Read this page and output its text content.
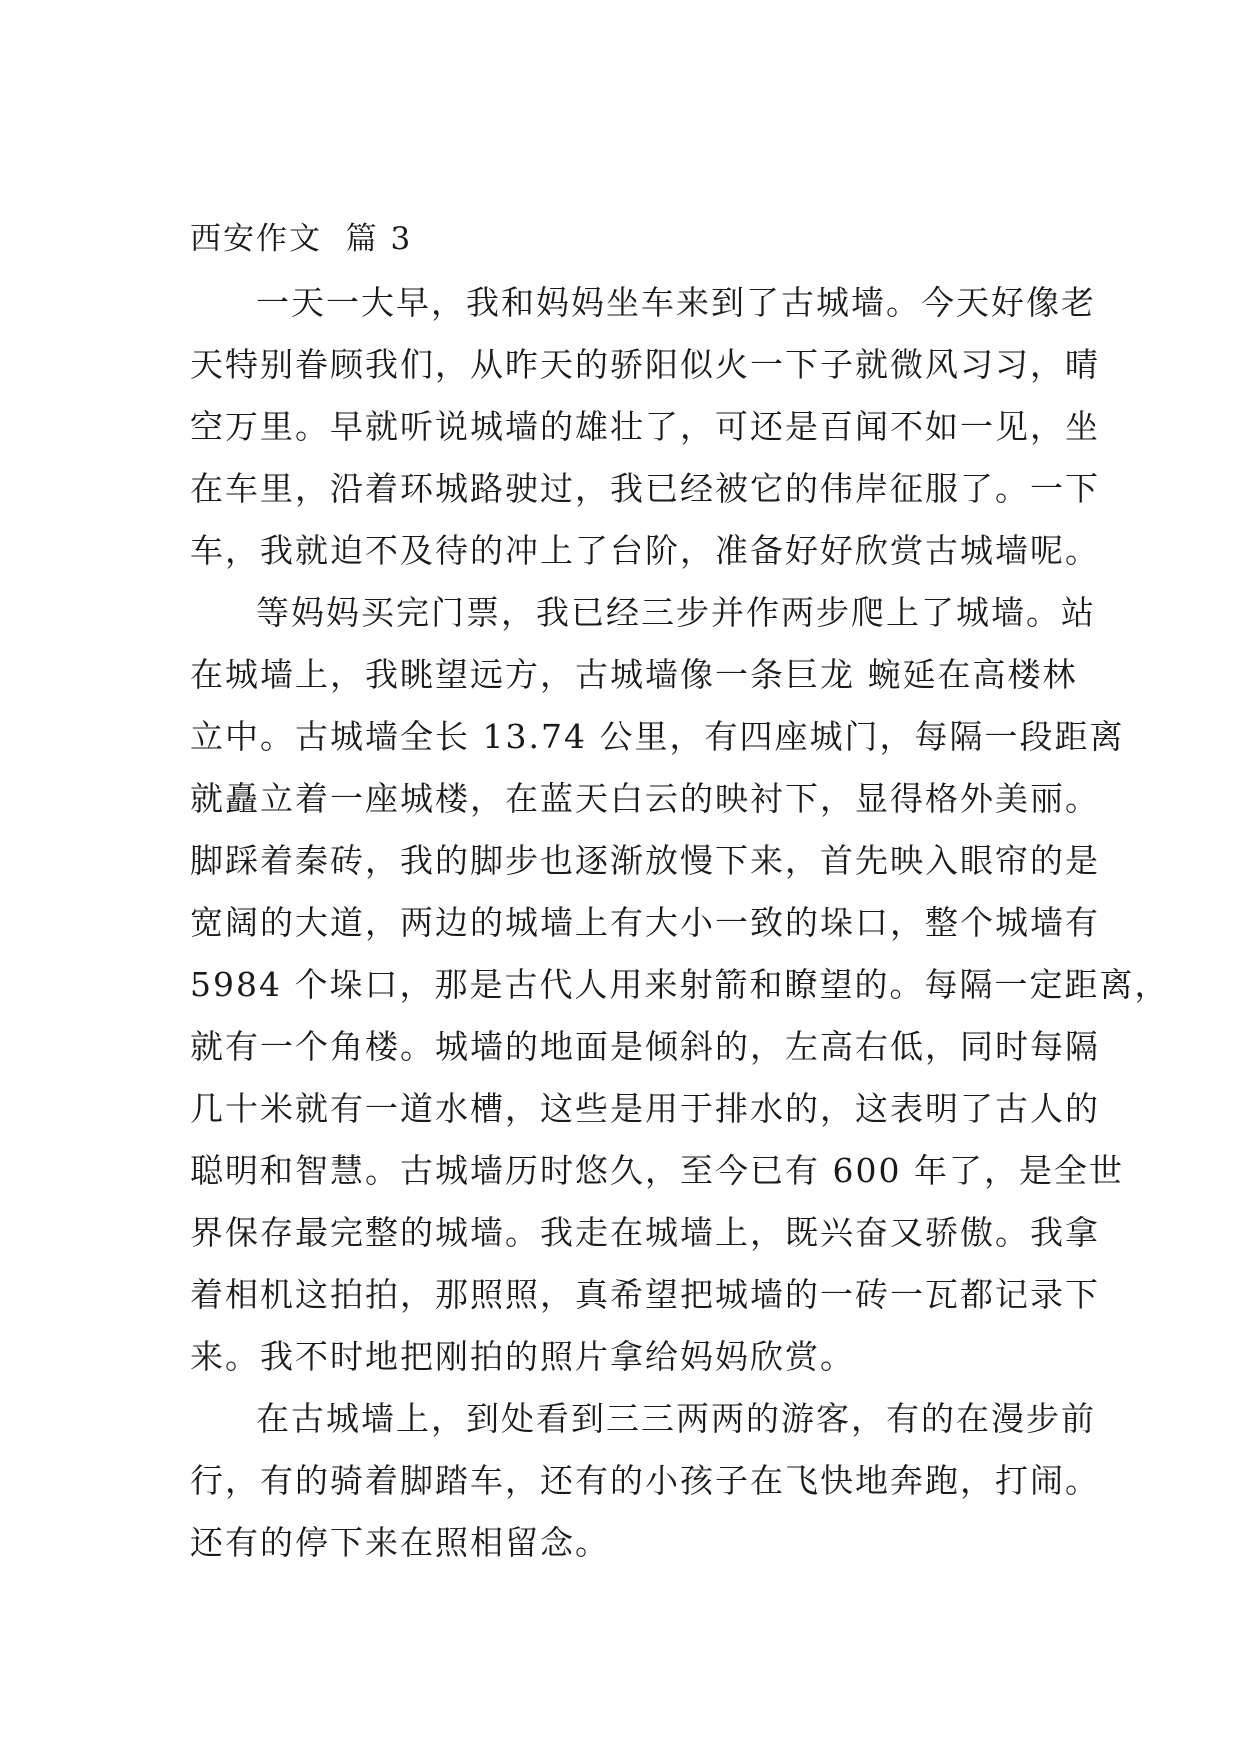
西安作文  篇 3

一天一大早，我和妈妈坐车来到了古城墙。今天好像老
天特别眷顾我们，从昨天的骄阳似火一下子就微风习习，晴
空万里。早就听说城墙的雄壮了，可还是百闻不如一见，坐
在车里，沿着环城路驶过，我已经被它的伟岸征服了。一下
车，我就迫不及待的冲上了台阶，准备好好欣赏古城墙呢。

等妈妈买完门票，我已经三步并作两步爬上了城墙。站
在城墙上，我眺望远方，古城墙像一条巨龙 蜿延在高楼林
立中。古城墙全长 13.74 公里，有四座城门，每隔一段距离
就矗立着一座城楼，在蓝天白云的映衬下，显得格外美丽。
脚踩着秦砖，我的脚步也逐渐放慢下来，首先映入眼帘的是
宽阔的大道，两边的城墙上有大小一致的垛口，整个城墙有
5984 个垛口，那是古代人用来射箭和瞭望的。每隔一定距离，
就有一个角楼。城墙的地面是倾斜的，左高右低，同时每隔
几十米就有一道水槽，这些是用于排水的，这表明了古人的
聪明和智慧。古城墙历时悠久，至今已有 600 年了，是全世
界保存最完整的城墙。我走在城墙上，既兴奋又骄傲。我拿
着相机这拍拍，那照照，真希望把城墙的一砖一瓦都记录下
来。我不时地把刚拍的照片拿给妈妈欣赏。

在古城墙上，到处看到三三两两的游客，有的在漫步前
行，有的骑着脚踏车，还有的小孩子在飞快地奔跑，打闹。
还有的停下来在照相留念。
